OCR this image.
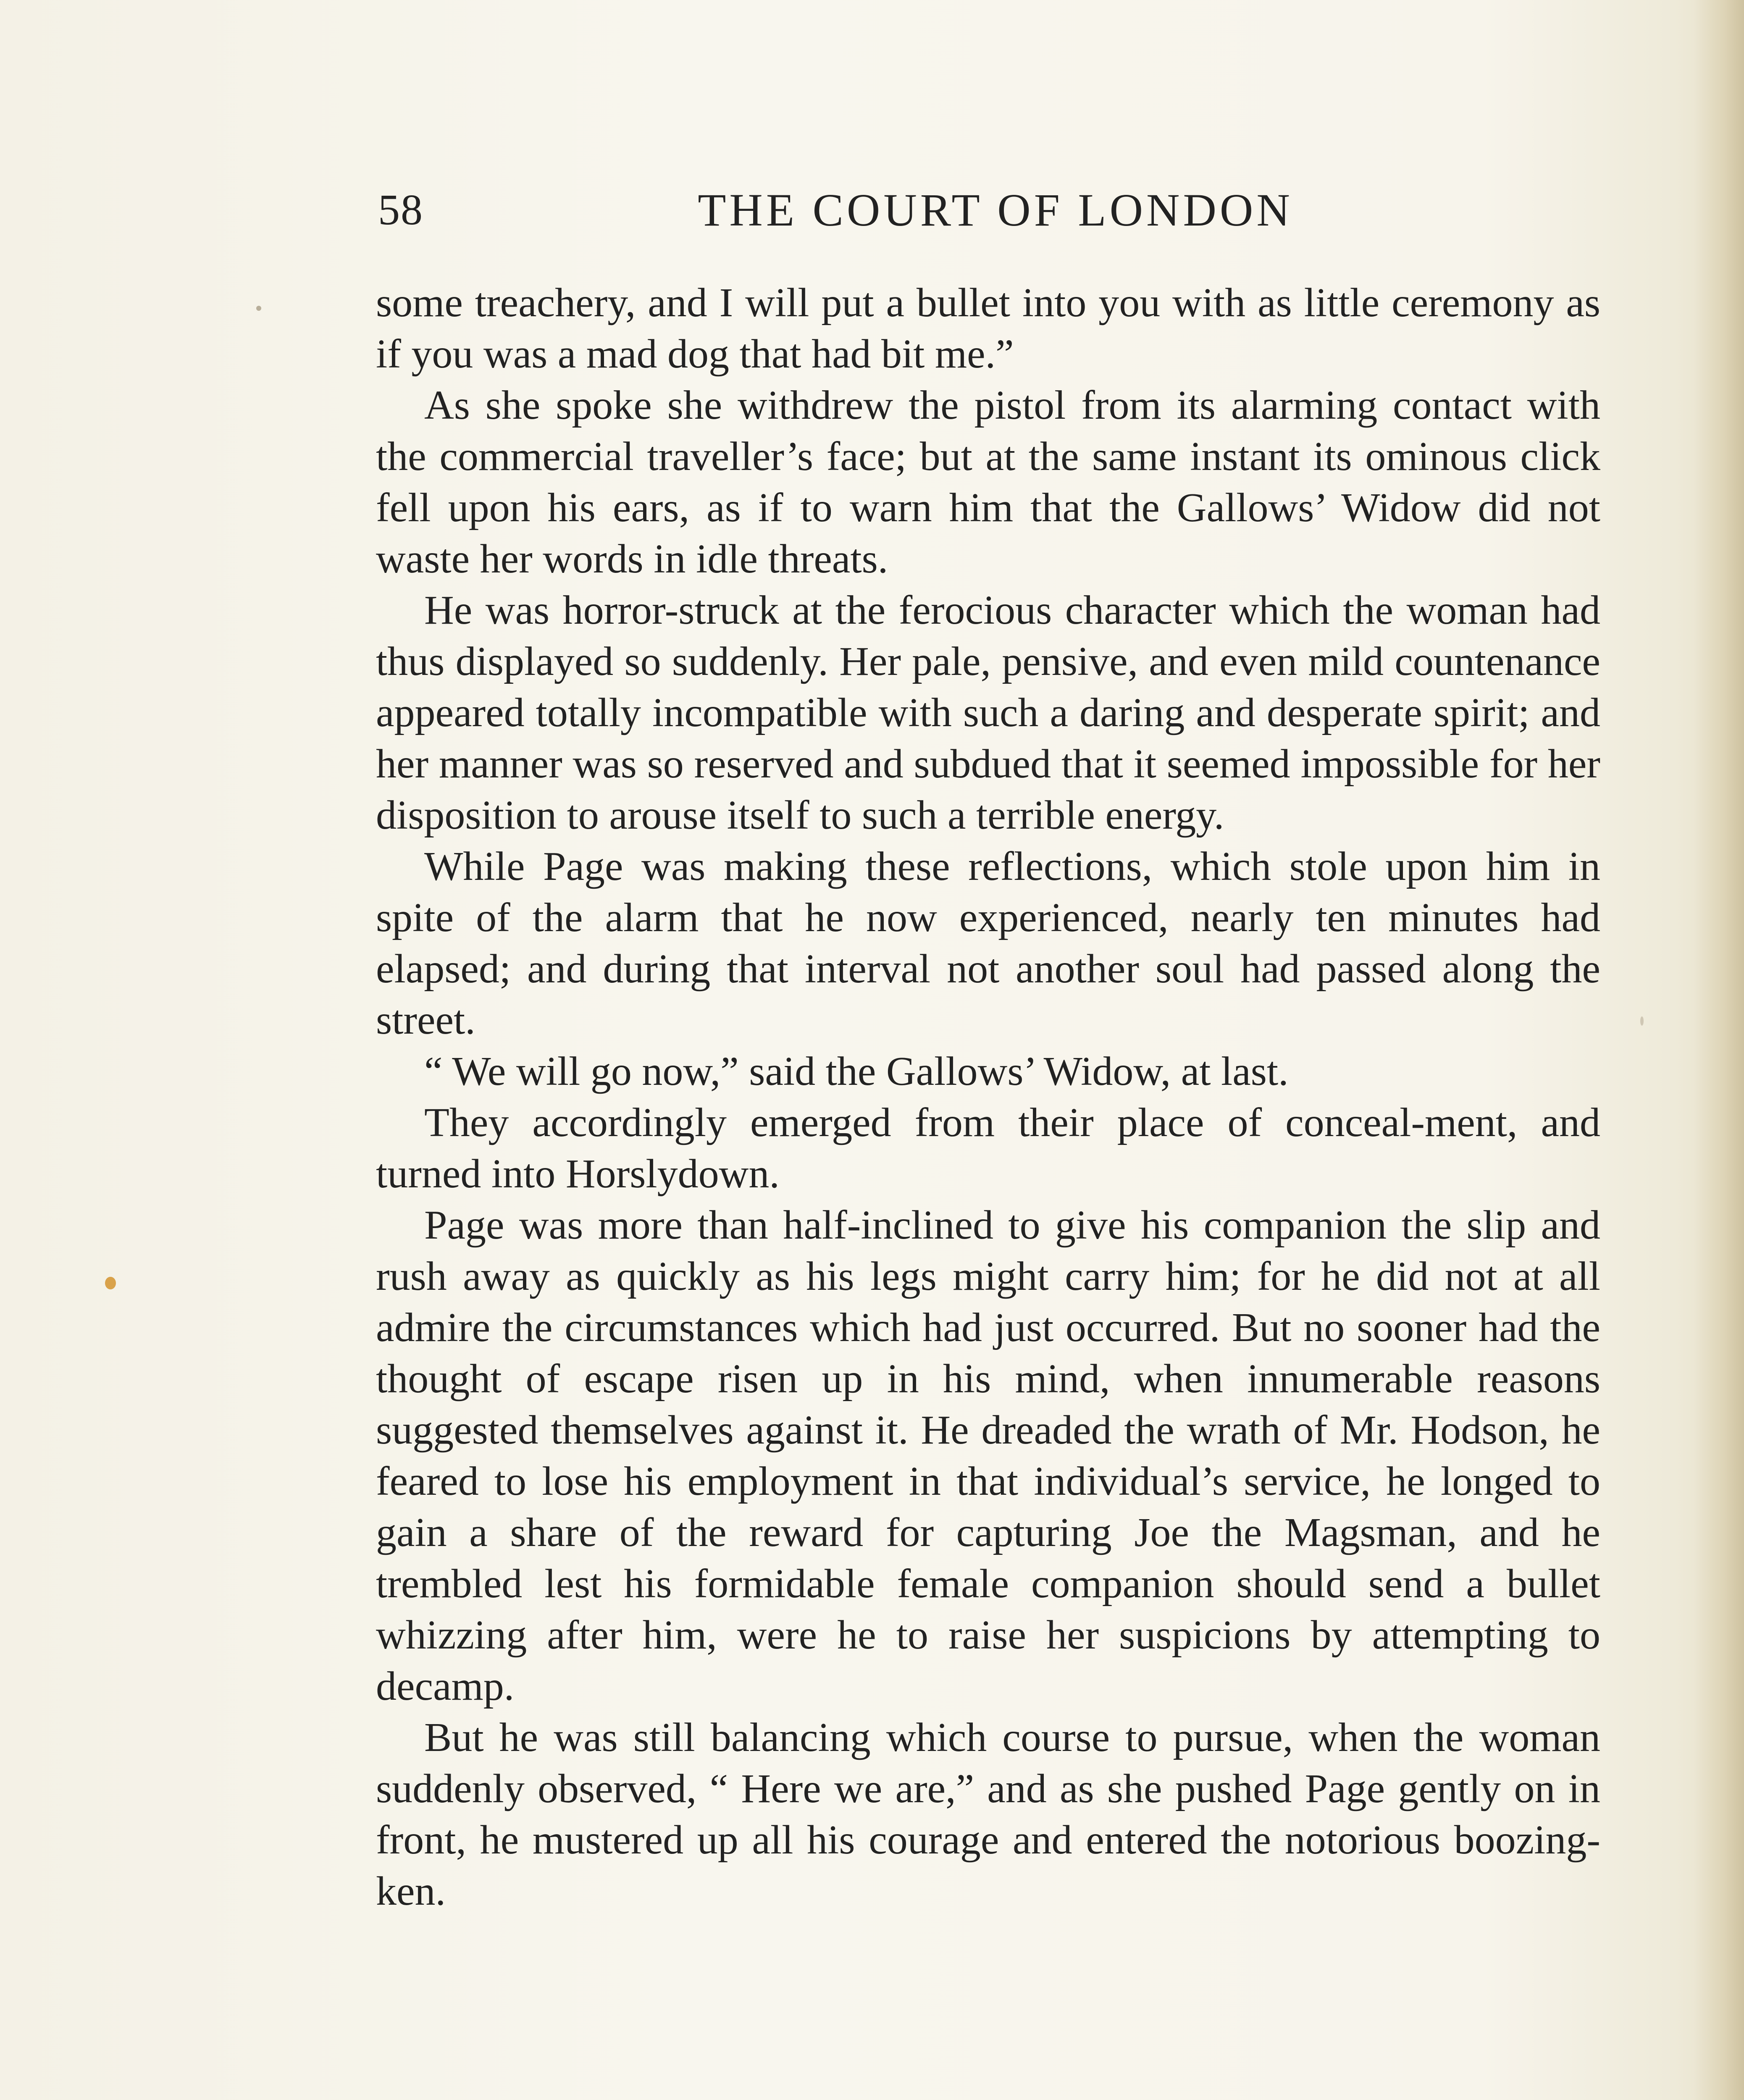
58	THE COURT OF LONDON

some treachery, and I will put a bullet into you with as little ceremony as if you was a mad dog that had bit me.”

As she spoke she withdrew the pistol from its alarming contact with the commercial traveller’s face; but at the same instant its ominous click fell upon his ears, as if to warn him that the Gallows’ Widow did not waste her words in idle threats.

He was horror-struck at the ferocious character which the woman had thus displayed so suddenly. Her pale, pensive, and even mild countenance appeared totally incompatible with such a daring and desperate spirit; and her manner was so reserved and subdued that it seemed impossible for her disposition to arouse itself to such a terrible energy.

While Page was making these reflections, which stole upon him in spite of the alarm that he now experienced, nearly ten minutes had elapsed; and during that interval not another soul had passed along the street.

“ We will go now,” said the Gallows’ Widow, at last.

They accordingly emerged from their place of conceal-ment, and turned into Horslydown.

Page was more than half-inclined to give his companion the slip and rush away as quickly as his legs might carry him; for he did not at all admire the circumstances which had just occurred. But no sooner had the thought of escape risen up in his mind, when innumerable reasons suggested themselves against it. He dreaded the wrath of Mr. Hodson, he feared to lose his employment in that individual’s service, he longed to gain a share of the reward for capturing Joe the Magsman, and he trembled lest his formidable female companion should send a bullet whizzing after him, were he to raise her suspicions by attempting to decamp.

But he was still balancing which course to pursue, when the woman suddenly observed, “ Here we are,” and as she pushed Page gently on in front, he mustered up all his courage and entered the notorious boozing-ken.
